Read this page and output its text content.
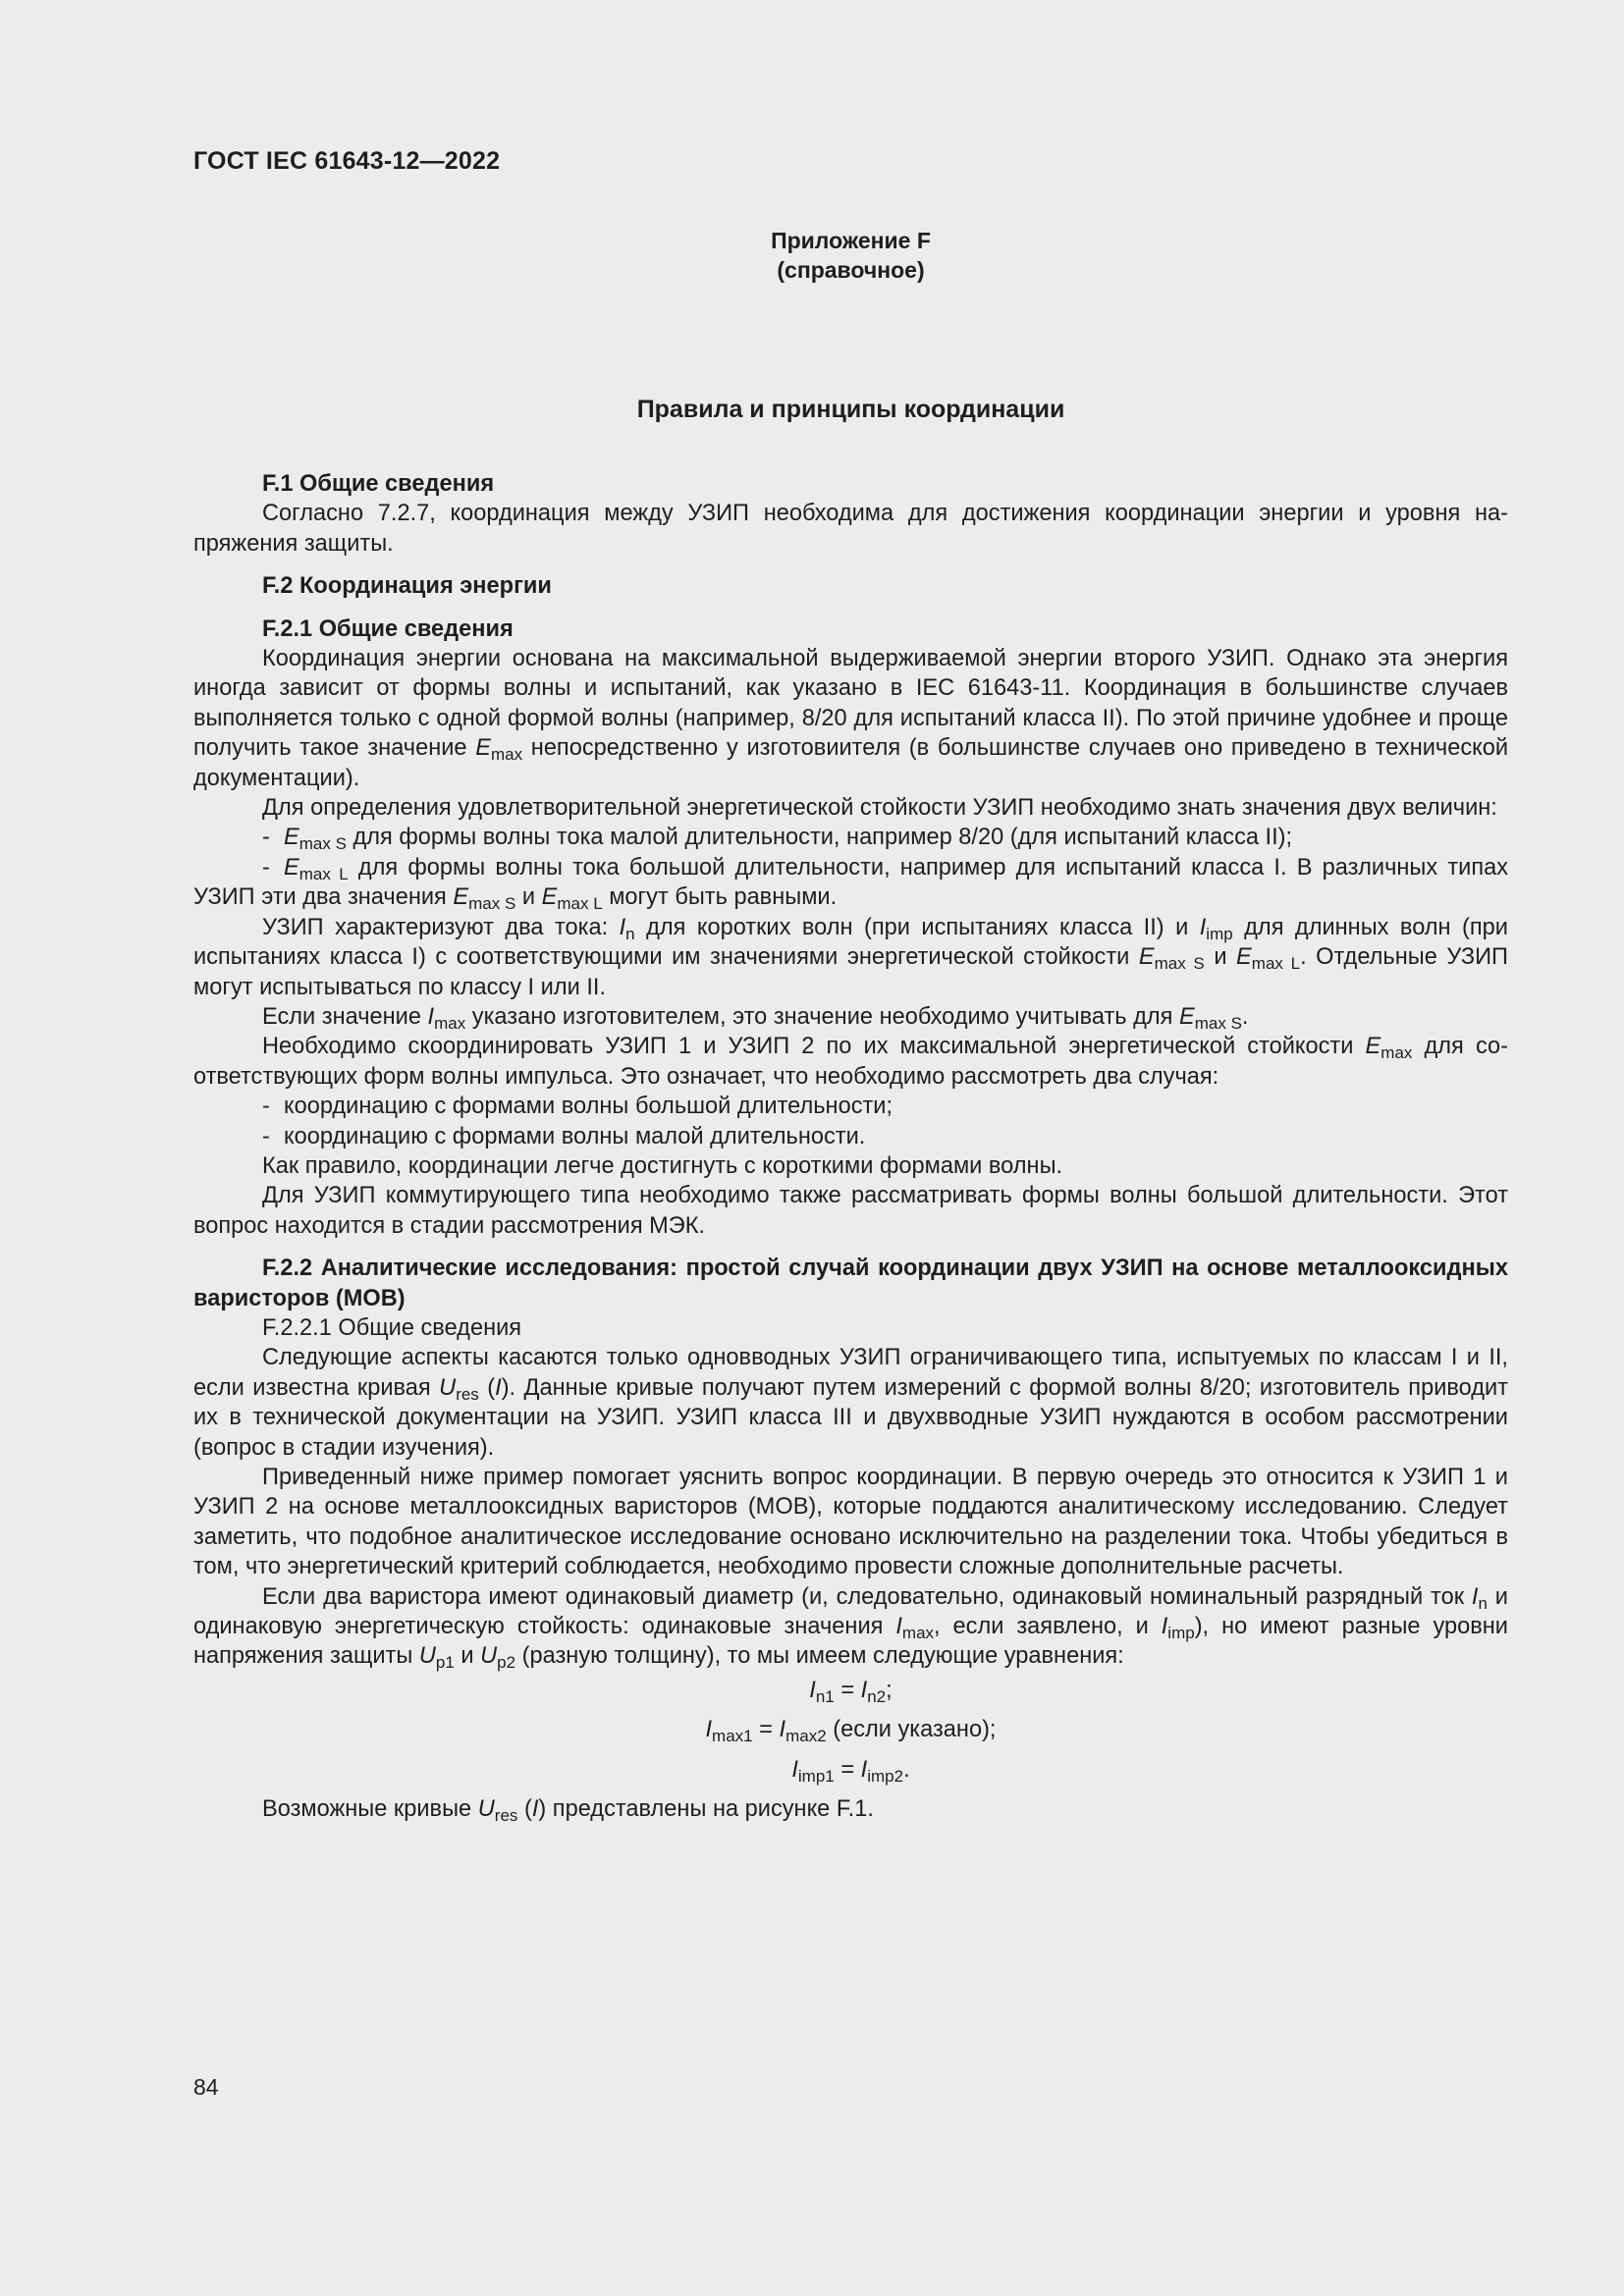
ГОСТ IEC 61643-12—2022
Приложение F
(справочное)
Правила и принципы координации
F.1 Общие сведения

Согласно 7.2.7, координация между УЗИП необходима для достижения координации энергии и уровня напряжения защиты.

F.2 Координация энергии
F.2.1 Общие сведения

Координация энергии основана на максимальной выдерживаемой энергии второго УЗИП. Однако эта энергия иногда зависит от формы волны и испытаний, как указано в IEC 61643-11. Координация в большинстве случаев выполняется только с одной формой волны (например, 8/20 для испытаний класса II). По этой причине удобнее и проще получить такое значение $E_{max}$ непосредственно у изготовиителя (в большинстве случаев оно приведено в технической документации).

Для определения удовлетворительной энергетической стойкости УЗИП необходимо знать значения двух величин:

- $E_{max S}$ для формы волны тока малой длительности, например 8/20 (для испытаний класса II);

- $E_{max L}$ для формы волны тока большой длительности, например для испытаний класса I. В различных типах УЗИП эти два значения $E_{max S}$ и $E_{max L}$ могут быть равными.

УЗИП характеризуют два тока: $I_n$ для коротких волн (при испытаниях класса II) и $I_{imp}$ для длинных волн (при испытаниях класса I) с соответствующими им значениями энергетической стойкости $E_{max S}$ и $E_{max L}$. Отдельные УЗИП могут испытываться по классу I или II.

Если значение $I_{max}$ указано изготовителем, это значение необходимо учитывать для $E_{max S}$.

Необходимо скоординировать УЗИП 1 и УЗИП 2 по их максимальной энергетической стойкости $E_{max}$ для соответствующих форм волны импульса. Это означает, что необходимо рассмотреть два случая:

- координацию с формами волны большой длительности;

- координацию с формами волны малой длительности.

Как правило, координации легче достигнуть с короткими формами волны.

Для УЗИП коммутирующего типа необходимо также рассматривать формы волны большой длительности. Этот вопрос находится в стадии рассмотрения МЭК.

F.2.2 Аналитические исследования: простой случай координации двух УЗИП на основе металлооксидных варисторов (МОВ)
F.2.2.1 Общие сведения

Следующие аспекты касаются только одновводных УЗИП ограничивающего типа, испытуемых по классам I и II, если известна кривая $U_{res}$ (I). Данные кривые получают путем измерений с формой волны 8/20; изготовитель приводит их в технической документации на УЗИП. УЗИП класса III и двухвводные УЗИП нуждаются в особом рассмотрении (вопрос в стадии изучения).

Приведенный ниже пример помогает уяснить вопрос координации. В первую очередь это относится к УЗИП 1 и УЗИП 2 на основе металлооксидных варисторов (МОВ), которые поддаются аналитическому исследованию. Следует заметить, что подобное аналитическое исследование основано исключительно на разделении тока. Чтобы убедиться в том, что энергетический критерий соблюдается, необходимо провести сложные дополнительные расчеты.

Если два варистора имеют одинаковый диаметр (и, следовательно, одинаковый номинальный разрядный ток $I_n$ и одинаковую энергетическую стойкость: одинаковые значения $I_{max}$, если заявлено, и $I_{imp}$), но имеют разные уровни напряжения защиты $U_{p1}$ и $U_{p2}$ (разную толщину), то мы имеем следующие уравнения:

$I_{n1} = I_{n2}$;

$I_{max1} = I_{max2}$ (если указано);

$I_{imp1} = I_{imp2}$.

Возможные кривые $U_{res}$ (I) представлены на рисунке F.1.

84
